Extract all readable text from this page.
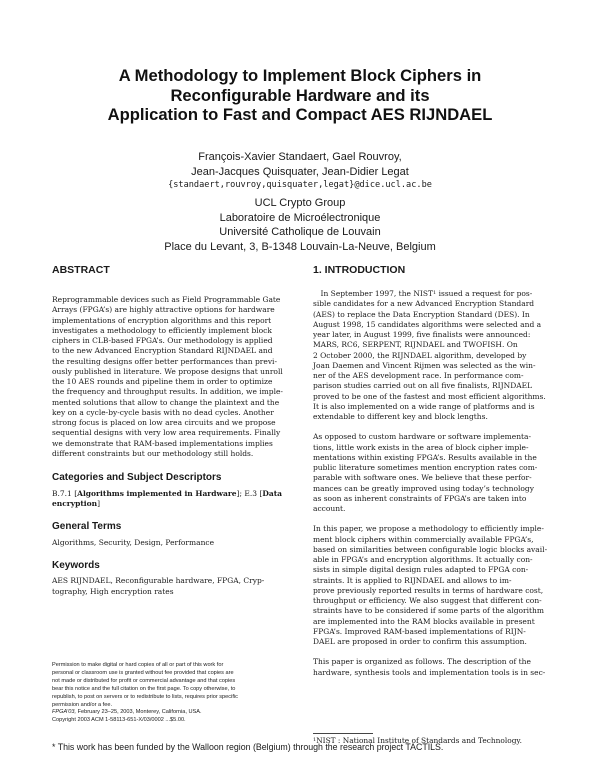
A Methodology to Implement Block Ciphers in
Reconfigurable Hardware and its
Application to Fast and Compact AES RIJNDAEL
François-Xavier Standaert, Gael Rouvroy,
Jean-Jacques Quisquater, Jean-Didier Legat
{standaert,rouvroy,quisquater,legat}@dice.ucl.ac.be
UCL Crypto Group
Laboratoire de Microélectronique
Université Catholique de Louvain
Place du Levant, 3, B-1348 Louvain-La-Neuve, Belgium
ABSTRACT

Reprogrammable devices such as Field Programmable Gate
Arrays (FPGA’s) are highly attractive options for hardware
implementations of encryption algorithms and this report
investigates a methodology to efficiently implement block
ciphers in CLB-based FPGA’s. Our methodology is applied
to the new Advanced Encryption Standard RIJNDAEL and
the resulting designs offer better performances than previ-
ously published in literature. We propose designs that unroll
the 10 AES rounds and pipeline them in order to optimize
the frequency and throughput results. In addition, we imple-
mented solutions that allow to change the plaintext and the
key on a cycle-by-cycle basis with no dead cycles. Another
strong focus is placed on low area circuits and we propose
sequential designs with very low area requirements. Finally
we demonstrate that RAM-based implementations implies
different constraints but our methodology still holds.

Categories and Subject Descriptors

B.7.1 [Algorithms implemented in Hardware]; E.3 [Data
encryption]

General Terms

Algorithms, Security, Design, Performance

Keywords

AES RIJNDAEL, Reconfigurable hardware, FPGA, Cryp-
tography, High encryption rates

Permission to make digital or hard copies of all or part of this work for
personal or classroom use is granted without fee provided that copies are
not made or distributed for profit or commercial advantage and that copies
bear this notice and the full citation on the first page. To copy otherwise, to
republish, to post on servers or to redistribute to lists, requires prior specific
permission and/or a fee.
FPGA’03, February 23–25, 2003, Monterey, California, USA.
Copyright 2003 ACM 1-58113-651-X/03/0002 ...$5.00.
1. INTRODUCTION

 In September 1997, the NIST$^1$ issued a request for pos-
sible candidates for a new Advanced Encryption Standard
(AES) to replace the Data Encryption Standard (DES). In
August 1998, 15 candidates algorithms were selected and a
year later, in August 1999, five finalists were announced:
MARS, RC6, SERPENT, RIJNDAEL and TWOFISH. On
2 October 2000, the RIJNDAEL algorithm, developed by
Joan Daemen and Vincent Rijmen was selected as the win-
ner of the AES development race. In performance com-
parison studies carried out on all five finalists, RIJNDAEL
proved to be one of the fastest and most efficient algorithms.
It is also implemented on a wide range of platforms and is
extendable to different key and block lengths.

As opposed to custom hardware or software implementa-
tions, little work exists in the area of block cipher imple-
mentations within existing FPGA’s. Results available in the
public literature sometimes mention encryption rates com-
parable with software ones. We believe that these perfor-
mances can be greatly improved using today’s technology
as soon as inherent constraints of FPGA’s are taken into
account.

In this paper, we propose a methodology to efficiently imple-
ment block ciphers within commercially available FPGA’s,
based on similarities between configurable logic blocks avail-
able in FPGA’s and encryption algorithms. It actually con-
sists in simple digital design rules adapted to FPGA con-
straints. It is applied to RIJNDAEL and allows to im-
prove previously reported results in terms of hardware cost,
throughput or efficiency. We also suggest that different con-
straints have to be considered if some parts of the algorithm
are implemented into the RAM blocks available in present
FPGA’s. Improved RAM-based implementations of RIJN-
DAEL are proposed in order to confirm this assumption.

This paper is organized as follows. The description of the
hardware, synthesis tools and implementation tools is in sec-

$^1$NIST : National Institute of Standards and Technology.
* This work has been funded by the Walloon region (Belgium) through the research project TACTILS.
